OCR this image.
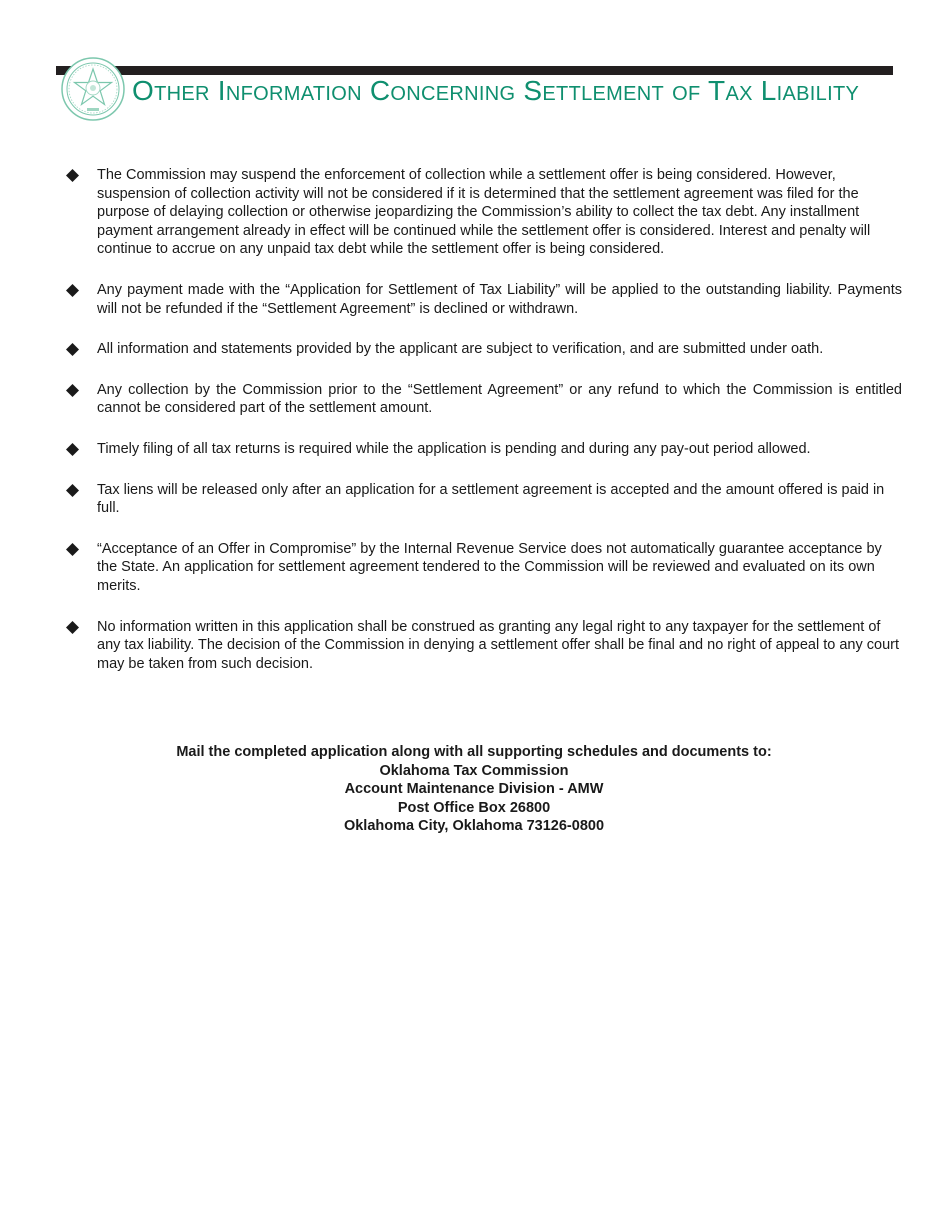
Other Information Concerning Settlement of Tax Liability
The Commission may suspend the enforcement of collection while a settlement offer is being considered. However, suspension of collection activity will not be considered if it is determined that the settlement agreement was filed for the purpose of delaying collection or otherwise jeopardizing the Commission’s ability to collect the tax debt. Any installment payment arrangement already in effect will be continued while the settlement offer is considered. Interest and penalty will continue to accrue on any unpaid tax debt while the settlement offer is being considered.
Any payment made with the “Application for Settlement of Tax Liability” will be applied to the outstanding liability. Payments will not be refunded if the “Settlement Agreement” is declined or withdrawn.
All information and statements provided by the applicant are subject to verification, and are submitted under oath.
Any collection by the Commission prior to the “Settlement Agreement” or any refund to which the Commission is entitled cannot be considered part of the settlement amount.
Timely filing of all tax returns is required while the application is pending and during any pay-out period allowed.
Tax liens will be released only after an application for a settlement agreement is accepted and the amount offered is paid in full.
“Acceptance of an Offer in Compromise” by the Internal Revenue Service does not automatically guarantee acceptance by the State. An application for settlement agreement tendered to the Commission will be reviewed and evaluated on its own merits.
No information written in this application shall be construed as granting any legal right to any taxpayer for the settlement of any tax liability. The decision of the Commission in denying a settlement offer shall be final and no right of appeal to any court may be taken from such decision.
Mail the completed application along with all supporting schedules and documents to:
Oklahoma Tax Commission
Account Maintenance Division - AMW
Post Office Box 26800
Oklahoma City, Oklahoma 73126-0800
